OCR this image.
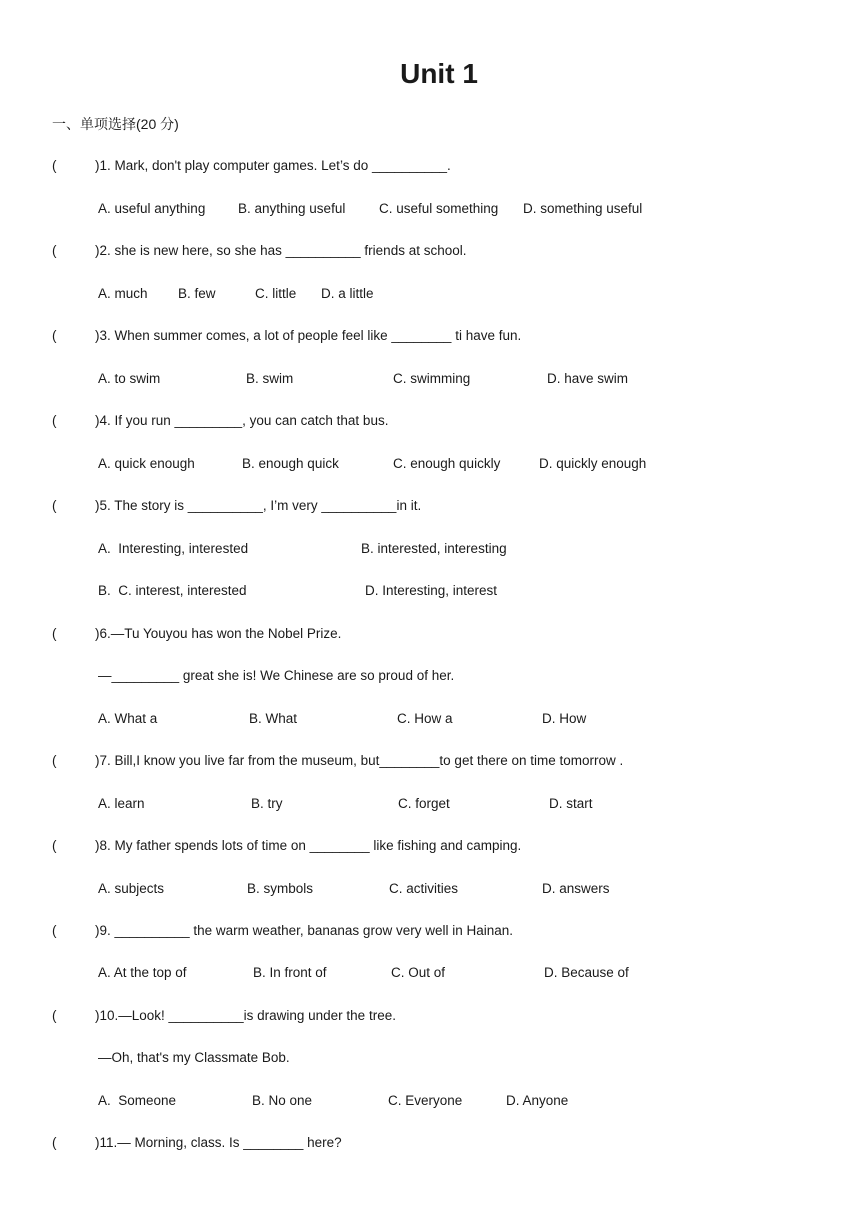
Unit 1
一、单项选择(20 分)
(	)1. Mark, don't play computer games. Let’s do __________.
A. useful anything B. anything useful C. useful something D. something useful
(	)2. she is new here, so she has __________ friends at school.
A. much B. few	C. little D. a little
(	)3. When summer comes, a lot of people feel like ________ ti have fun.
A. to swim	B. swim	C. swimming	D. have swim
(	)4. If you run _________, you can catch that bus.
A. quick enough	B. enough quick	C. enough quickly	D. quickly enough
(	)5. The story is __________, I’m very __________in it.
A.  Interesting, interested	B. interested, interesting
B.  C. interest, interested	D. Interesting, interest
(	)6.—Tu Youyou has won the Nobel Prize.
—_________ great she is! We Chinese are so proud of her.
A. What a	B. What	C. How a	D. How
(	)7. Bill,I know you live far from the museum, but________to get there on time tomorrow .
A. learn	B. try	C. forget	D. start
(	)8. My father spends lots of time on ________ like fishing and camping.
A. subjects	B. symbols	C. activities	D. answers
(	)9. __________ the warm weather, bananas grow very well in Hainan.
A. At the top of	B. In front of	C. Out of	D. Because of
(	)10.—Look! __________is drawing under the tree.
—Oh, that's my Classmate Bob.
A.  Someone	B. No one	C. Everyone	D. Anyone
(	)11.— Morning, class. Is ________ here?
